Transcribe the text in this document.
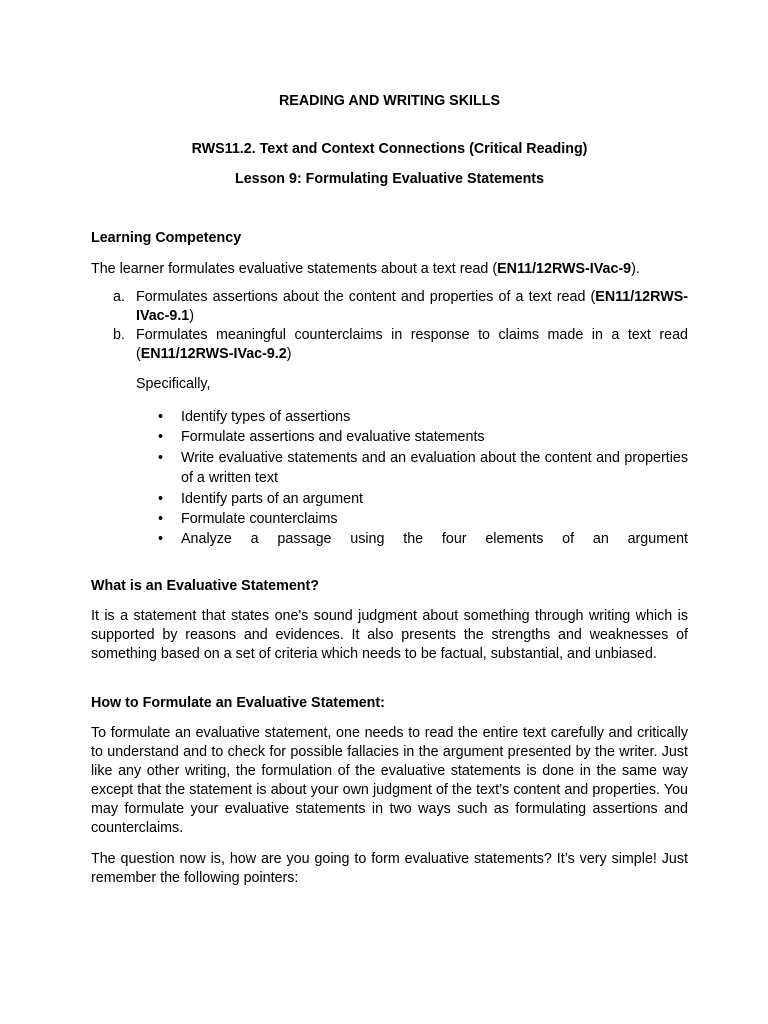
READING AND WRITING SKILLS
RWS11.2. Text and Context Connections (Critical Reading)
Lesson 9: Formulating Evaluative Statements
Learning Competency
The learner formulates evaluative statements about a text read (EN11/12RWS-IVac-9).
a. Formulates assertions about the content and properties of a text read (EN11/12RWS-IVac-9.1)
b. Formulates meaningful counterclaims in response to claims made in a text read (EN11/12RWS-IVac-9.2)
Specifically,
• Identify types of assertions
• Formulate assertions and evaluative statements
• Write evaluative statements and an evaluation about the content and properties of a written text
• Identify parts of an argument
• Formulate counterclaims
• Analyze a passage using the four elements of an argument
What is an Evaluative Statement?
It is a statement that states one's sound judgment about something through writing which is supported by reasons and evidences. It also presents the strengths and weaknesses of something based on a set of criteria which needs to be factual, substantial, and unbiased.
How to Formulate an Evaluative Statement:
To formulate an evaluative statement, one needs to read the entire text carefully and critically to understand and to check for possible fallacies in the argument presented by the writer. Just like any other writing, the formulation of the evaluative statements is done in the same way except that the statement is about your own judgment of the text’s content and properties. You may formulate your evaluative statements in two ways such as formulating assertions and counterclaims.
The question now is, how are you going to form evaluative statements? It’s very simple! Just remember the following pointers:
